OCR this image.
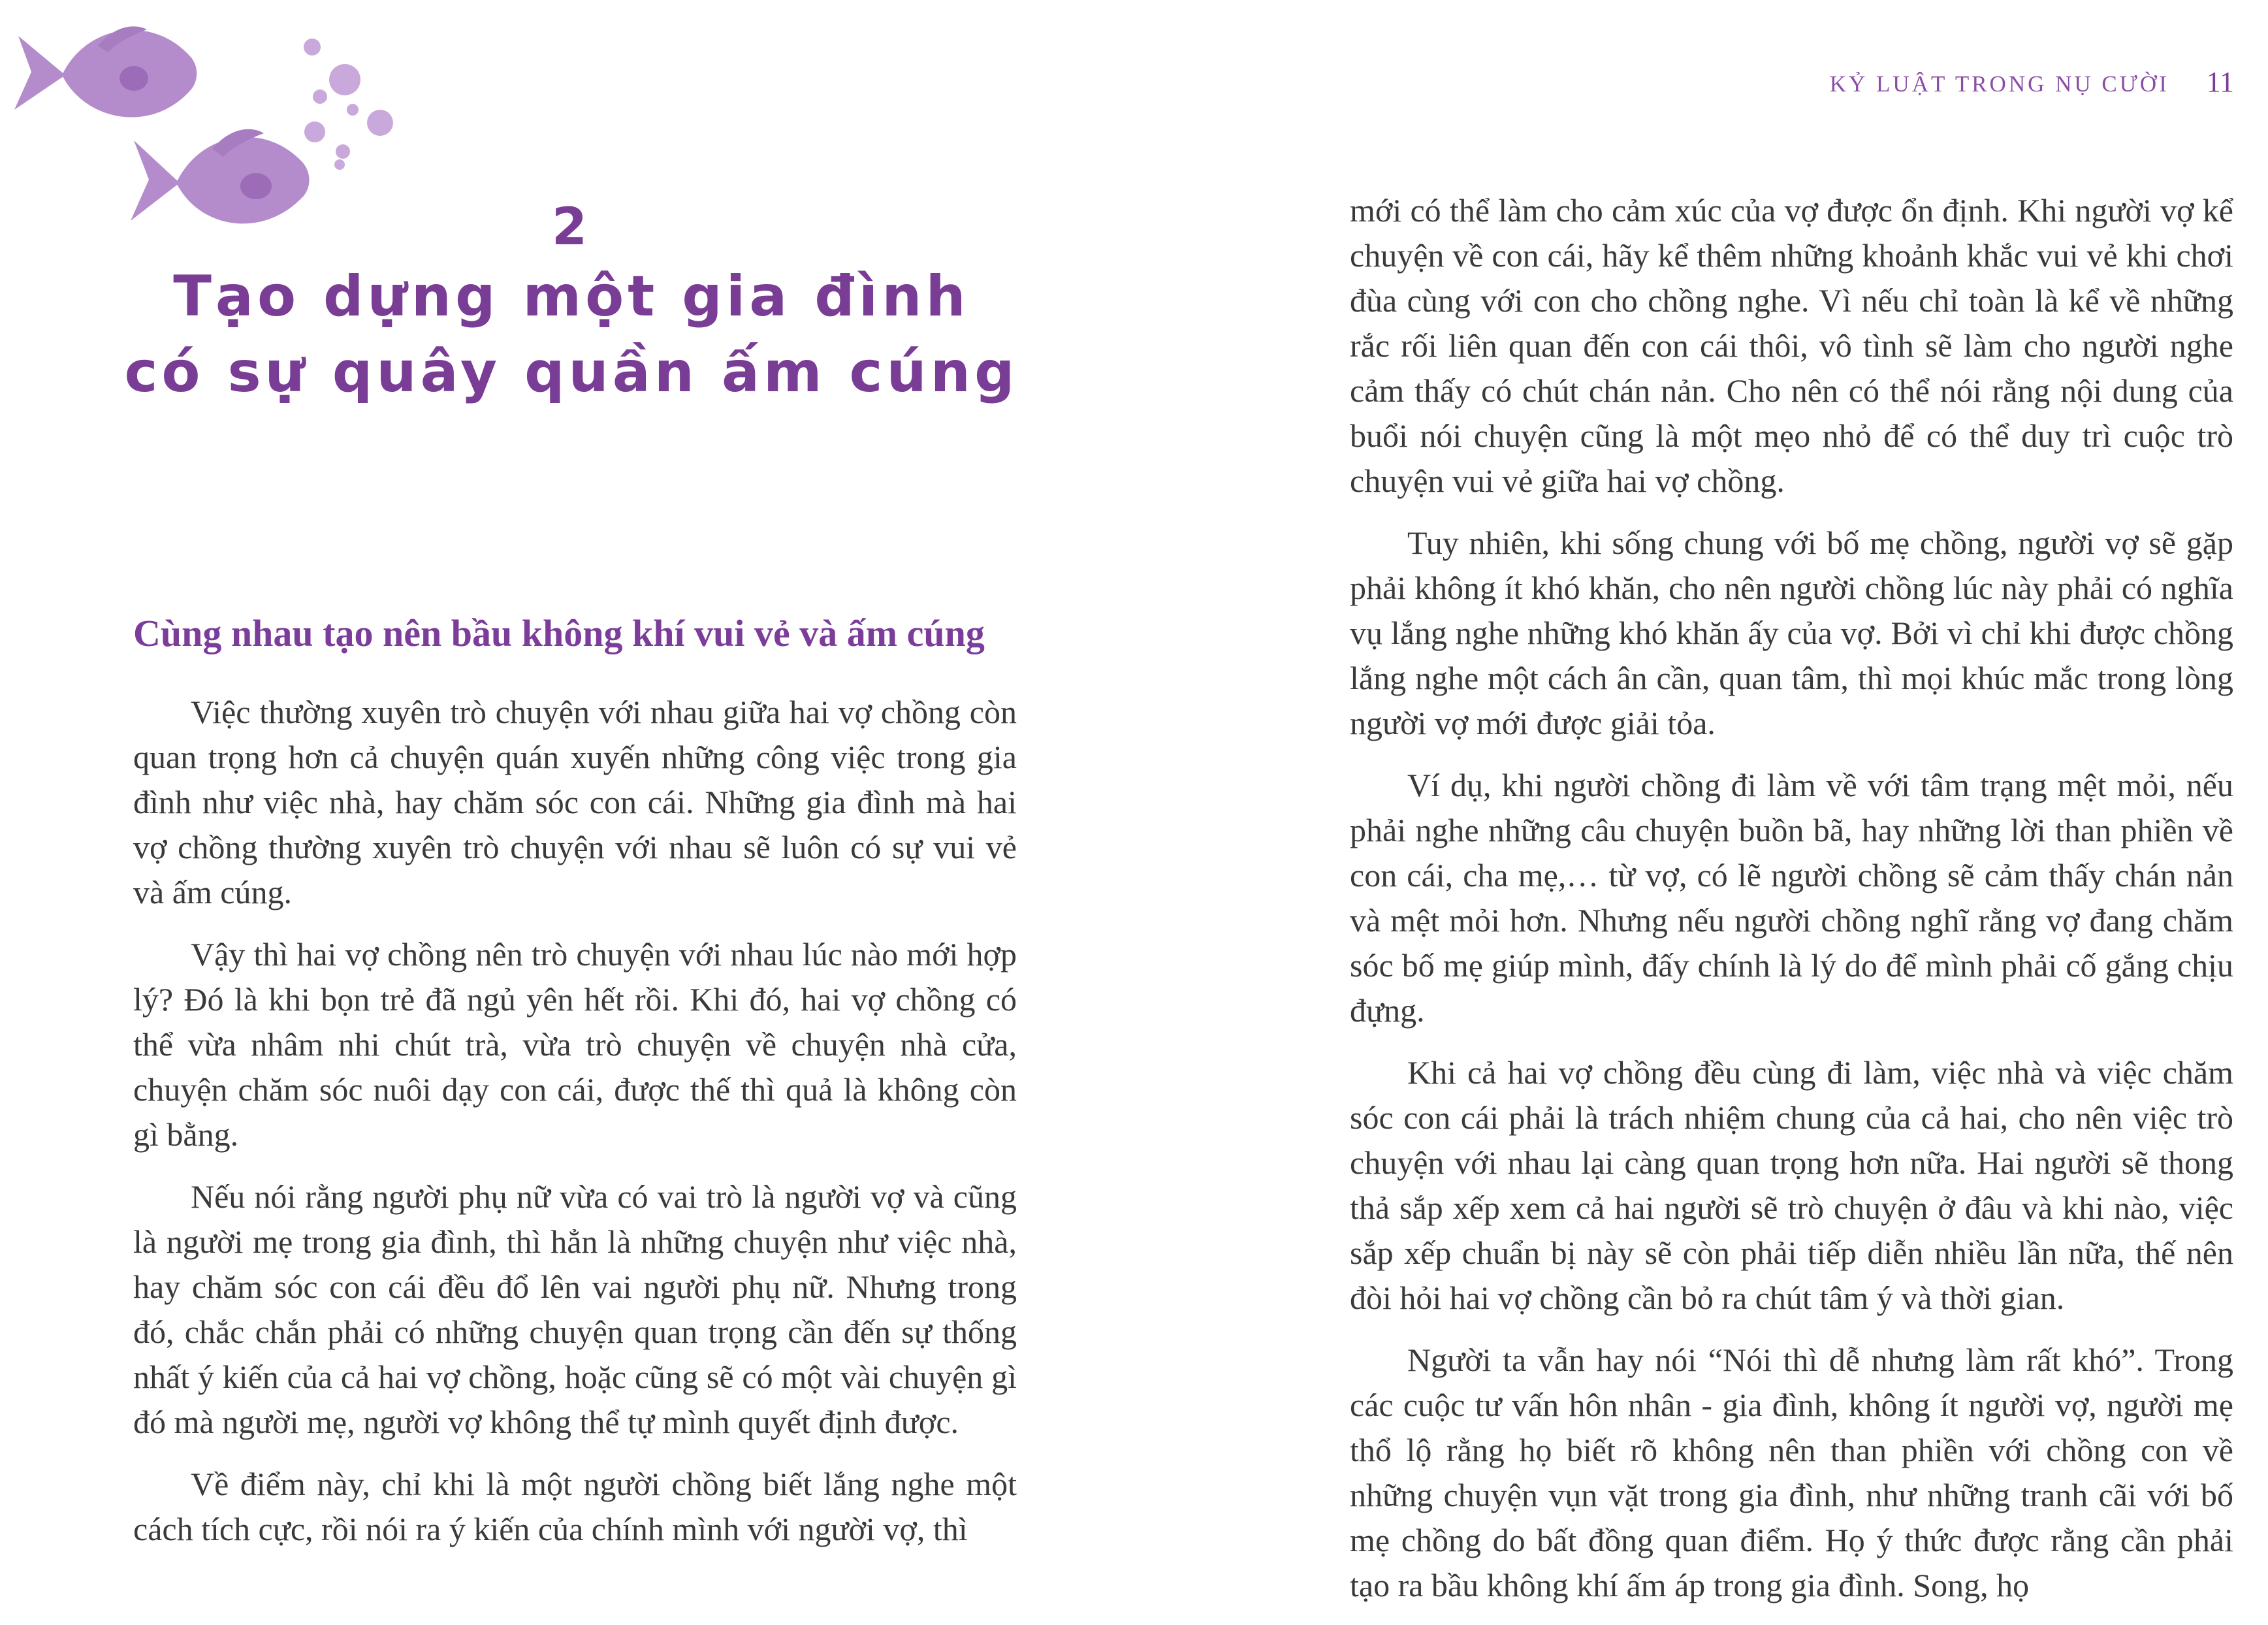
2
Tạo dựng một gia đình
có sự quây quần ấm cúng
Cùng nhau tạo nên bầu không khí vui vẻ và ấm cúng

Việc thường xuyên trò chuyện với nhau giữa hai vợ chồng còn quan trọng hơn cả chuyện quán xuyến những công việc trong gia đình như việc nhà, hay chăm sóc con cái. Những gia đình mà hai vợ chồng thường xuyên trò chuyện với nhau sẽ luôn có sự vui vẻ và ấm cúng.

Vậy thì hai vợ chồng nên trò chuyện với nhau lúc nào mới hợp lý? Đó là khi bọn trẻ đã ngủ yên hết rồi. Khi đó, hai vợ chồng có thể vừa nhâm nhi chút trà, vừa trò chuyện về chuyện nhà cửa, chuyện chăm sóc nuôi dạy con cái, được thế thì quả là không còn gì bằng.

Nếu nói rằng người phụ nữ vừa có vai trò là người vợ và cũng là người mẹ trong gia đình, thì hẳn là những chuyện như việc nhà, hay chăm sóc con cái đều đổ lên vai người phụ nữ. Nhưng trong đó, chắc chắn phải có những chuyện quan trọng cần đến sự thống nhất ý kiến của cả hai vợ chồng, hoặc cũng sẽ có một vài chuyện gì đó mà người mẹ, người vợ không thể tự mình quyết định được.

Về điểm này, chỉ khi là một người chồng biết lắng nghe một cách tích cực, rồi nói ra ý kiến của chính mình với người vợ, thì

KỶ LUẬT TRONG NỤ CƯỜI 11

mới có thể làm cho cảm xúc của vợ được ổn định. Khi người vợ kể chuyện về con cái, hãy kể thêm những khoảnh khắc vui vẻ khi chơi đùa cùng với con cho chồng nghe. Vì nếu chỉ toàn là kể về những rắc rối liên quan đến con cái thôi, vô tình sẽ làm cho người nghe cảm thấy có chút chán nản. Cho nên có thể nói rằng nội dung của buổi nói chuyện cũng là một mẹo nhỏ để có thể duy trì cuộc trò chuyện vui vẻ giữa hai vợ chồng.

Tuy nhiên, khi sống chung với bố mẹ chồng, người vợ sẽ gặp phải không ít khó khăn, cho nên người chồng lúc này phải có nghĩa vụ lắng nghe những khó khăn ấy của vợ. Bởi vì chỉ khi được chồng lắng nghe một cách ân cần, quan tâm, thì mọi khúc mắc trong lòng người vợ mới được giải tỏa.

Ví dụ, khi người chồng đi làm về với tâm trạng mệt mỏi, nếu phải nghe những câu chuyện buồn bã, hay những lời than phiền về con cái, cha mẹ,… từ vợ, có lẽ người chồng sẽ cảm thấy chán nản và mệt mỏi hơn. Nhưng nếu người chồng nghĩ rằng vợ đang chăm sóc bố mẹ giúp mình, đấy chính là lý do để mình phải cố gắng chịu đựng.

Khi cả hai vợ chồng đều cùng đi làm, việc nhà và việc chăm sóc con cái phải là trách nhiệm chung của cả hai, cho nên việc trò chuyện với nhau lại càng quan trọng hơn nữa. Hai người sẽ thong thả sắp xếp xem cả hai người sẽ trò chuyện ở đâu và khi nào, việc sắp xếp chuẩn bị này sẽ còn phải tiếp diễn nhiều lần nữa, thế nên đòi hỏi hai vợ chồng cần bỏ ra chút tâm ý và thời gian.

Người ta vẫn hay nói “Nói thì dễ nhưng làm rất khó”. Trong các cuộc tư vấn hôn nhân - gia đình, không ít người vợ, người mẹ thổ lộ rằng họ biết rõ không nên than phiền với chồng con về những chuyện vụn vặt trong gia đình, như những tranh cãi với bố mẹ chồng do bất đồng quan điểm. Họ ý thức được rằng cần phải tạo ra bầu không khí ấm áp trong gia đình. Song, họ
